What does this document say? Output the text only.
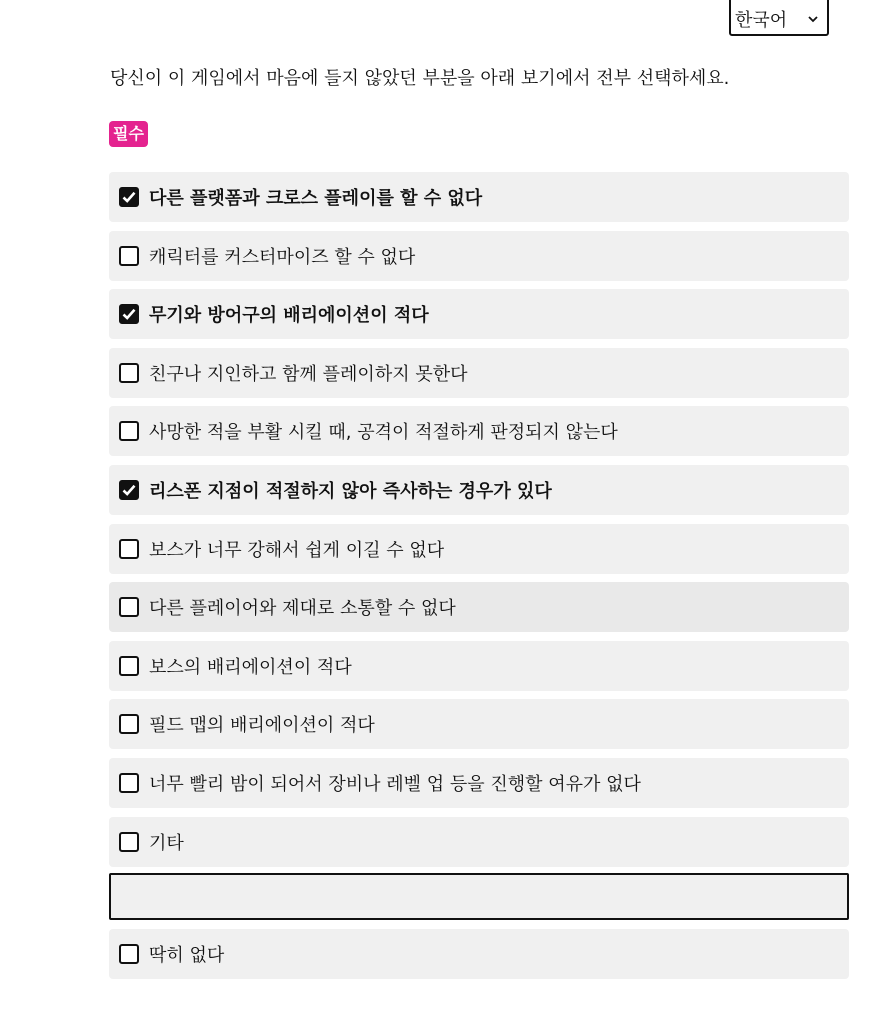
한국어
당신이 이 게임에서 마음에 들지 않았던 부분을 아래 보기에서 전부 선택하세요.
필수
다른 플랫폼과 크로스 플레이를 할 수 없다
캐릭터를 커스터마이즈 할 수 없다
무기와 방어구의 배리에이션이 적다
친구나 지인하고 함께 플레이하지 못한다
사망한 적을 부활 시킬 때, 공격이 적절하게 판정되지 않는다
리스폰 지점이 적절하지 않아 즉사하는 경우가 있다
보스가 너무 강해서 쉽게 이길 수 없다
다른 플레이어와 제대로 소통할 수 없다
보스의 배리에이션이 적다
필드 맵의 배리에이션이 적다
너무 빨리 밤이 되어서 장비나 레벨 업 등을 진행할 여유가 없다
기타
딱히 없다
